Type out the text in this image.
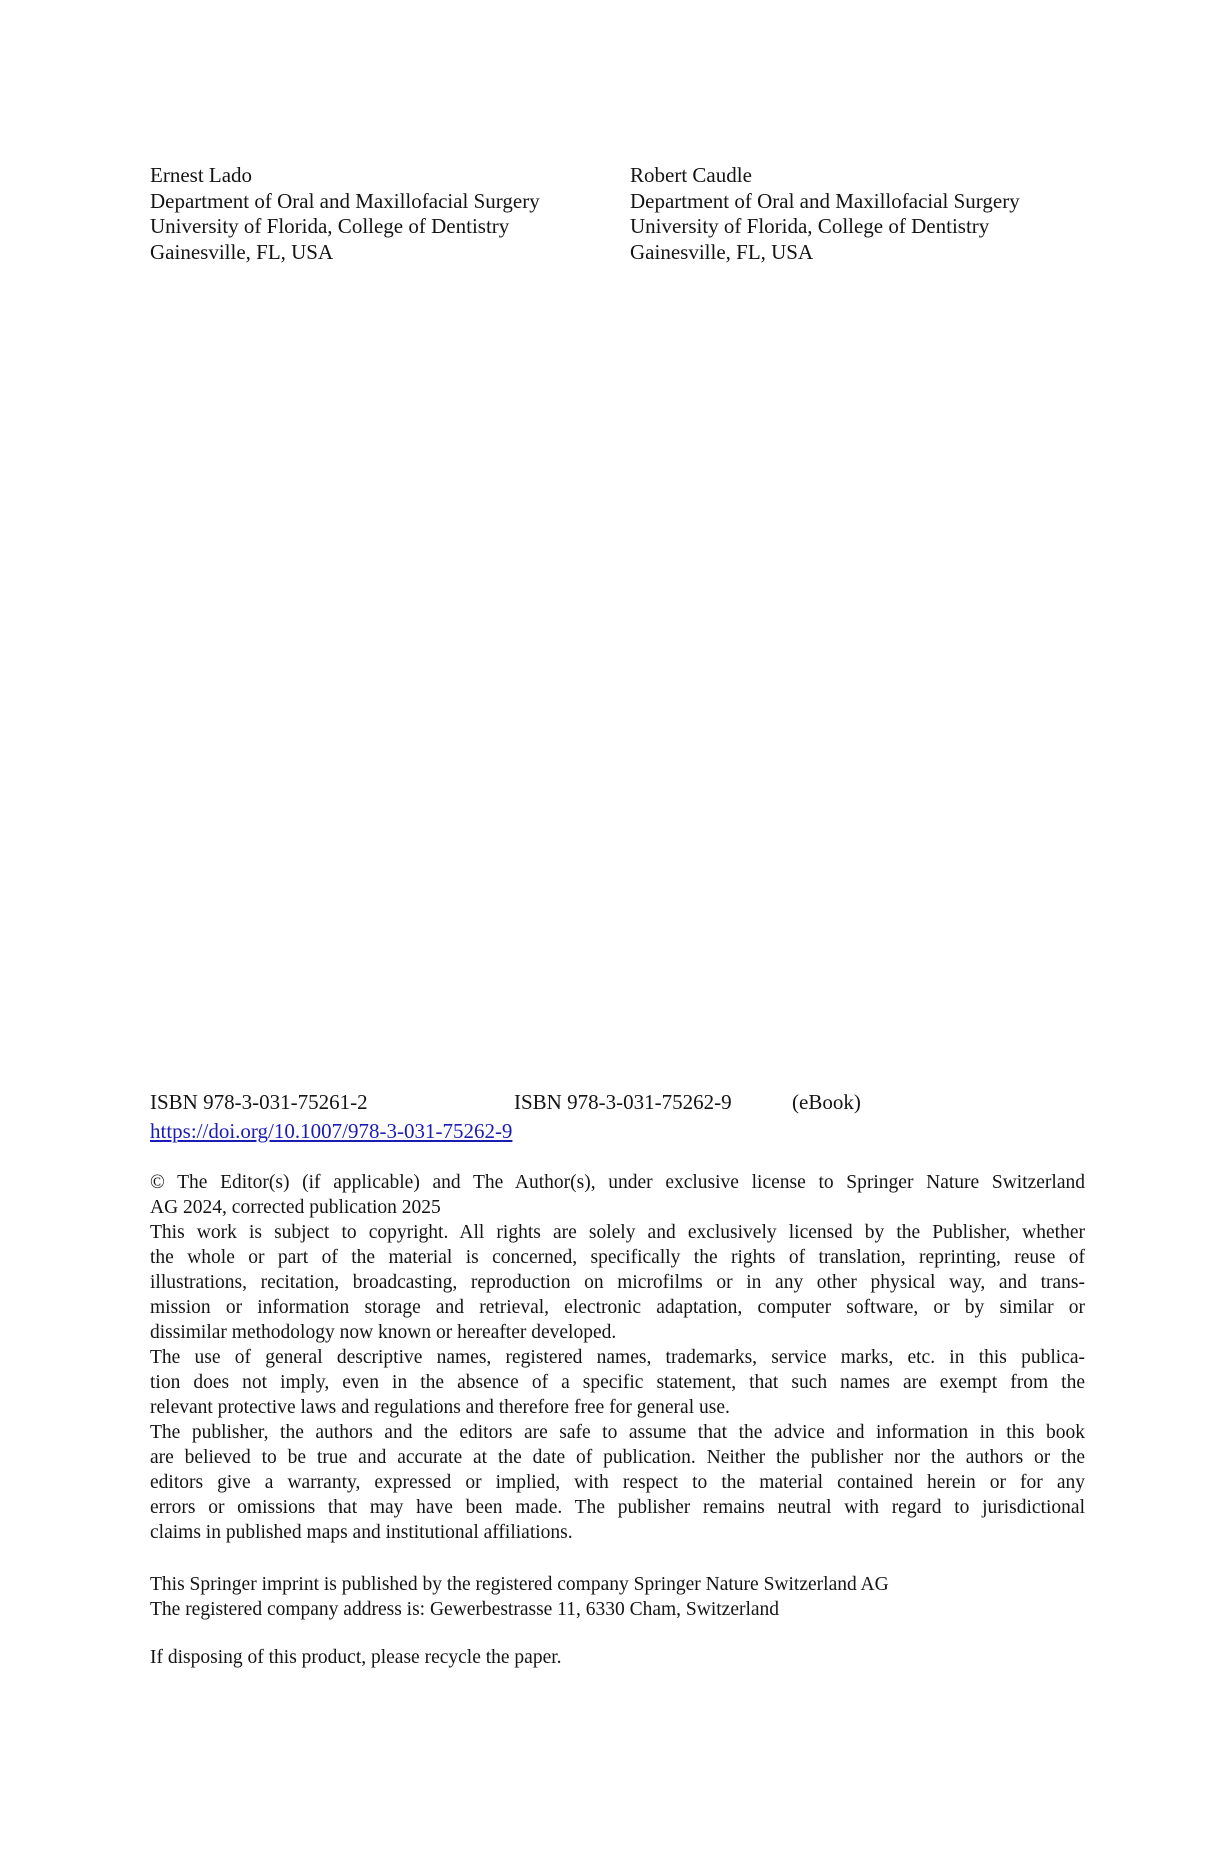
Ernest Lado
Department of Oral and Maxillofacial Surgery
University of Florida, College of Dentistry
Gainesville, FL, USA
Robert Caudle
Department of Oral and Maxillofacial Surgery
University of Florida, College of Dentistry
Gainesville, FL, USA
ISBN 978-3-031-75261-2	ISBN 978-3-031-75262-9	(eBook)
https://doi.org/10.1007/978-3-031-75262-9

© The Editor(s) (if applicable) and The Author(s), under exclusive license to Springer Nature Switzerland
AG 2024, corrected publication 2025

This work is subject to copyright. All rights are solely and exclusively licensed by the Publisher, whether
the whole or part of the material is concerned, specifically the rights of translation, reprinting, reuse of
illustrations, recitation, broadcasting, reproduction on microfilms or in any other physical way, and trans-
mission or information storage and retrieval, electronic adaptation, computer software, or by similar or
dissimilar methodology now known or hereafter developed.

The use of general descriptive names, registered names, trademarks, service marks, etc. in this publica-
tion does not imply, even in the absence of a specific statement, that such names are exempt from the
relevant protective laws and regulations and therefore free for general use.

The publisher, the authors and the editors are safe to assume that the advice and information in this book
are believed to be true and accurate at the date of publication. Neither the publisher nor the authors or the
editors give a warranty, expressed or implied, with respect to the material contained herein or for any
errors or omissions that may have been made. The publisher remains neutral with regard to jurisdictional
claims in published maps and institutional affiliations.

This Springer imprint is published by the registered company Springer Nature Switzerland AG
The registered company address is: Gewerbestrasse 11, 6330 Cham, Switzerland
If disposing of this product, please recycle the paper.
